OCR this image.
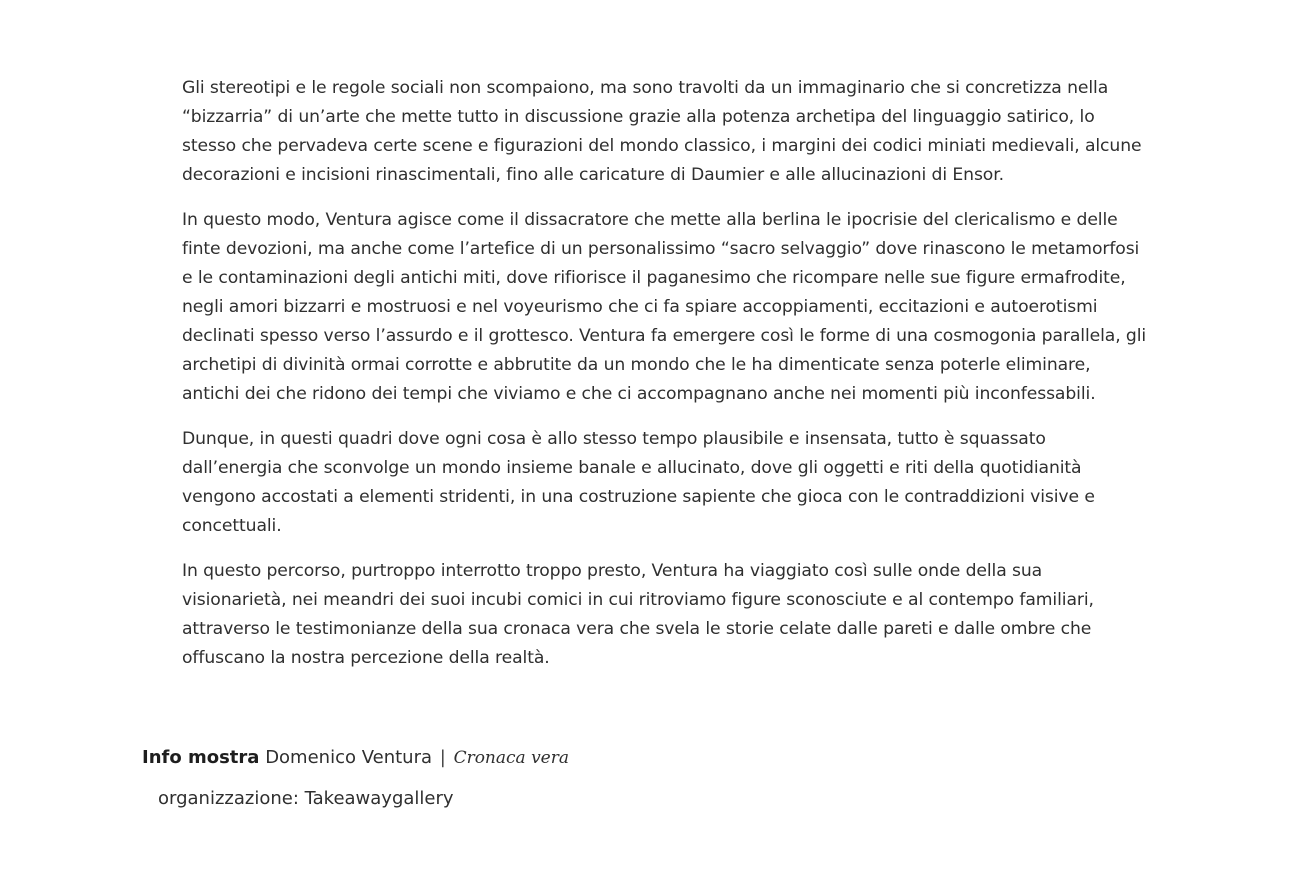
Gli stereotipi e le regole sociali non scompaiono, ma sono travolti da un immaginario che si concretizza nella “bizzarria” di un’arte che mette tutto in discussione grazie alla potenza archetipa del linguaggio satirico, lo stesso che pervadeva certe scene e figurazioni del mondo classico, i margini dei codici miniati medievali, alcune decorazioni e incisioni rinascimentali, fino alle caricature di Daumier e alle allucinazioni di Ensor.

In questo modo, Ventura agisce come il dissacratore che mette alla berlina le ipocrisie del clericalismo e delle finte devozioni, ma anche come l’artefice di un personalissimo “sacro selvaggio” dove rinascono le metamorfosi e le contaminazioni degli antichi miti, dove rifiorisce il paganesimo che ricompare nelle sue figure ermafrodite, negli amori bizzarri e mostruosi e nel voyeurismo che ci fa spiare accoppiamenti, eccitazioni e autoerotismi declinati spesso verso l’assurdo e il grottesco. Ventura fa emergere così le forme di una cosmogonia parallela, gli archetipi di divinità ormai corrotte e abbrutite da un mondo che le ha dimenticate senza poterle eliminare, antichi dei che ridono dei tempi che viviamo e che ci accompagnano anche nei momenti più inconfessabili.

Dunque, in questi quadri dove ogni cosa è allo stesso tempo plausibile e insensata, tutto è squassato dall’energia che sconvolge un mondo insieme banale e allucinato, dove gli oggetti e riti della quotidianità vengono accostati a elementi stridenti, in una costruzione sapiente che gioca con le contraddizioni visive e concettuali.

In questo percorso, purtroppo interrotto troppo presto, Ventura ha viaggiato così sulle onde della sua visionarietà, nei meandri dei suoi incubi comici in cui ritroviamo figure sconosciute e al contempo familiari, attraverso le testimonianze della sua cronaca vera che svela le storie celate dalle pareti e dalle ombre che offuscano la nostra percezione della realtà.

Info mostra Domenico Ventura | Cronaca vera
organizzazione: Takeawaygallery
